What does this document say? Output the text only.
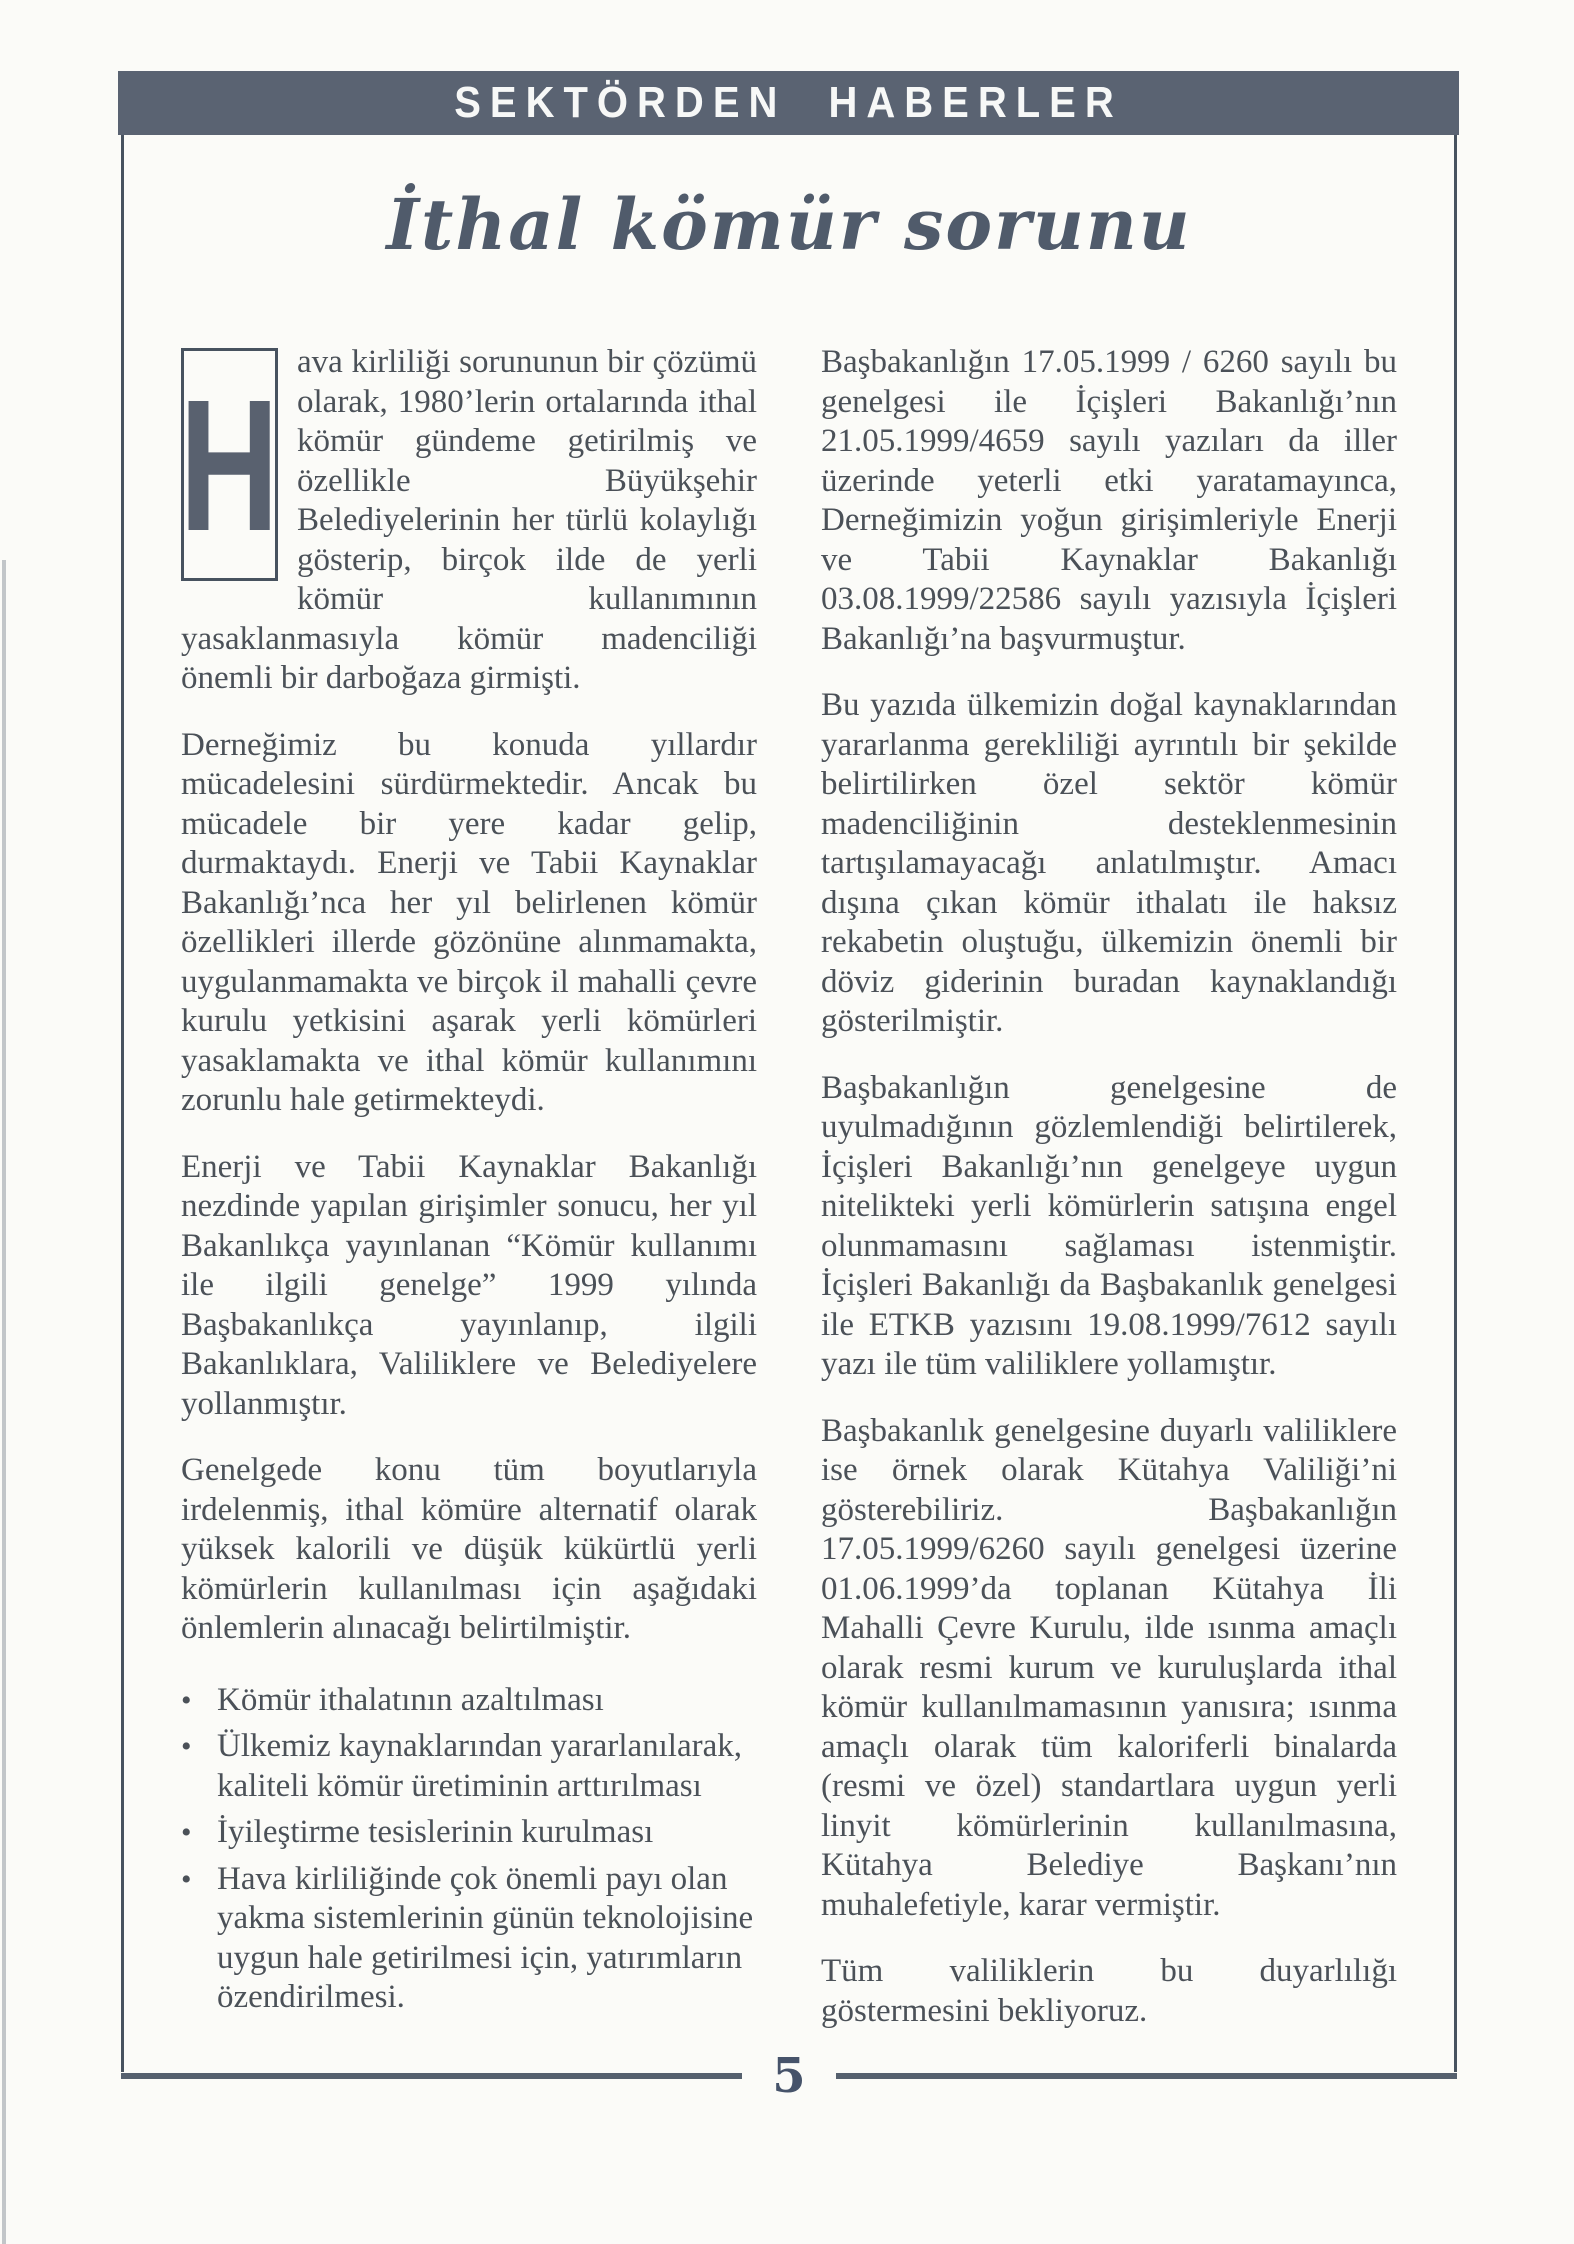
SEKTÖRDEN HABERLER
İthal kömür sorunu

H ava kirliliği sorununun bir çözümü olarak, 1980’lerin ortalarında ithal kömür gündeme getirilmiş ve özellikle Büyükşehir Belediyelerinin her türlü kolaylığı gösterip, birçok ilde de yerli kömür kullanımının yasaklanmasıyla kömür madenciliği önemli bir darboğaza girmişti.

Derneğimiz bu konuda yıllardır mücadelesini sürdürmektedir. Ancak bu mücadele bir yere kadar gelip, durmaktaydı. Enerji ve Tabii Kaynaklar Bakanlığı’nca her yıl belirlenen kömür özellikleri illerde gözönüne alınmamakta, uygulanmamakta ve birçok il mahalli çevre kurulu yetkisini aşarak yerli kömürleri yasaklamakta ve ithal kömür kullanımını zorunlu hale getirmekteydi.

Enerji ve Tabii Kaynaklar Bakanlığı nezdinde yapılan girişimler sonucu, her yıl Bakanlıkça yayınlanan “Kömür kullanımı ile ilgili genelge” 1999 yılında Başbakanlıkça yayınlanıp, ilgili Bakanlıklara, Valiliklere ve Belediyelere yollanmıştır.

Genelgede konu tüm boyutlarıyla irdelenmiş, ithal kömüre alternatif olarak yüksek kalorili ve düşük kükürtlü yerli kömürlerin kullanılması için aşağıdaki önlemlerin alınacağı belirtilmiştir.

• Kömür ithalatının azaltılması
• Ülkemiz kaynaklarından yararlanılarak, kaliteli kömür üretiminin arttırılması
• İyileştirme tesislerinin kurulması
• Hava kirliliğinde çok önemli payı olan yakma sistemlerinin günün teknolojisine uygun hale getirilmesi için, yatırımların özendirilmesi.

Başbakanlığın 17.05.1999 / 6260 sayılı bu genelgesi ile İçişleri Bakanlığı’nın 21.05.1999/4659 sayılı yazıları da iller üzerinde yeterli etki yaratamayınca, Derneğimizin yoğun girişimleriyle Enerji ve Tabii Kaynaklar Bakanlığı 03.08.1999/22586 sayılı yazısıyla İçişleri Bakanlığı’na başvurmuştur.

Bu yazıda ülkemizin doğal kaynaklarından yararlanma gerekliliği ayrıntılı bir şekilde belirtilirken özel sektör kömür madenciliğinin desteklenmesinin tartışılamayacağı anlatılmıştır. Amacı dışına çıkan kömür ithalatı ile haksız rekabetin oluştuğu, ülkemizin önemli bir döviz giderinin buradan kaynaklandığı gösterilmiştir.

Başbakanlığın genelgesine de uyulmadığının gözlemlendiği belirtilerek, İçişleri Bakanlığı’nın genelgeye uygun nitelikteki yerli kömürlerin satışına engel olunmamasını sağlaması istenmiştir. İçişleri Bakanlığı da Başbakanlık genelgesi ile ETKB yazısını 19.08.1999/7612 sayılı yazı ile tüm valiliklere yollamıştır.

Başbakanlık genelgesine duyarlı valiliklere ise örnek olarak Kütahya Valiliği’ni gösterebiliriz. Başbakanlığın 17.05.1999/6260 sayılı genelgesi üzerine 01.06.1999’da toplanan Kütahya İli Mahalli Çevre Kurulu, ilde ısınma amaçlı olarak resmi kurum ve kuruluşlarda ithal kömür kullanılmamasının yanısıra; ısınma amaçlı olarak tüm kaloriferli binalarda (resmi ve özel) standartlara uygun yerli linyit kömürlerinin kullanılmasına, Kütahya Belediye Başkanı’nın muhalefetiyle, karar vermiştir.

Tüm valiliklerin bu duyarlılığı göstermesini bekliyoruz.

5
